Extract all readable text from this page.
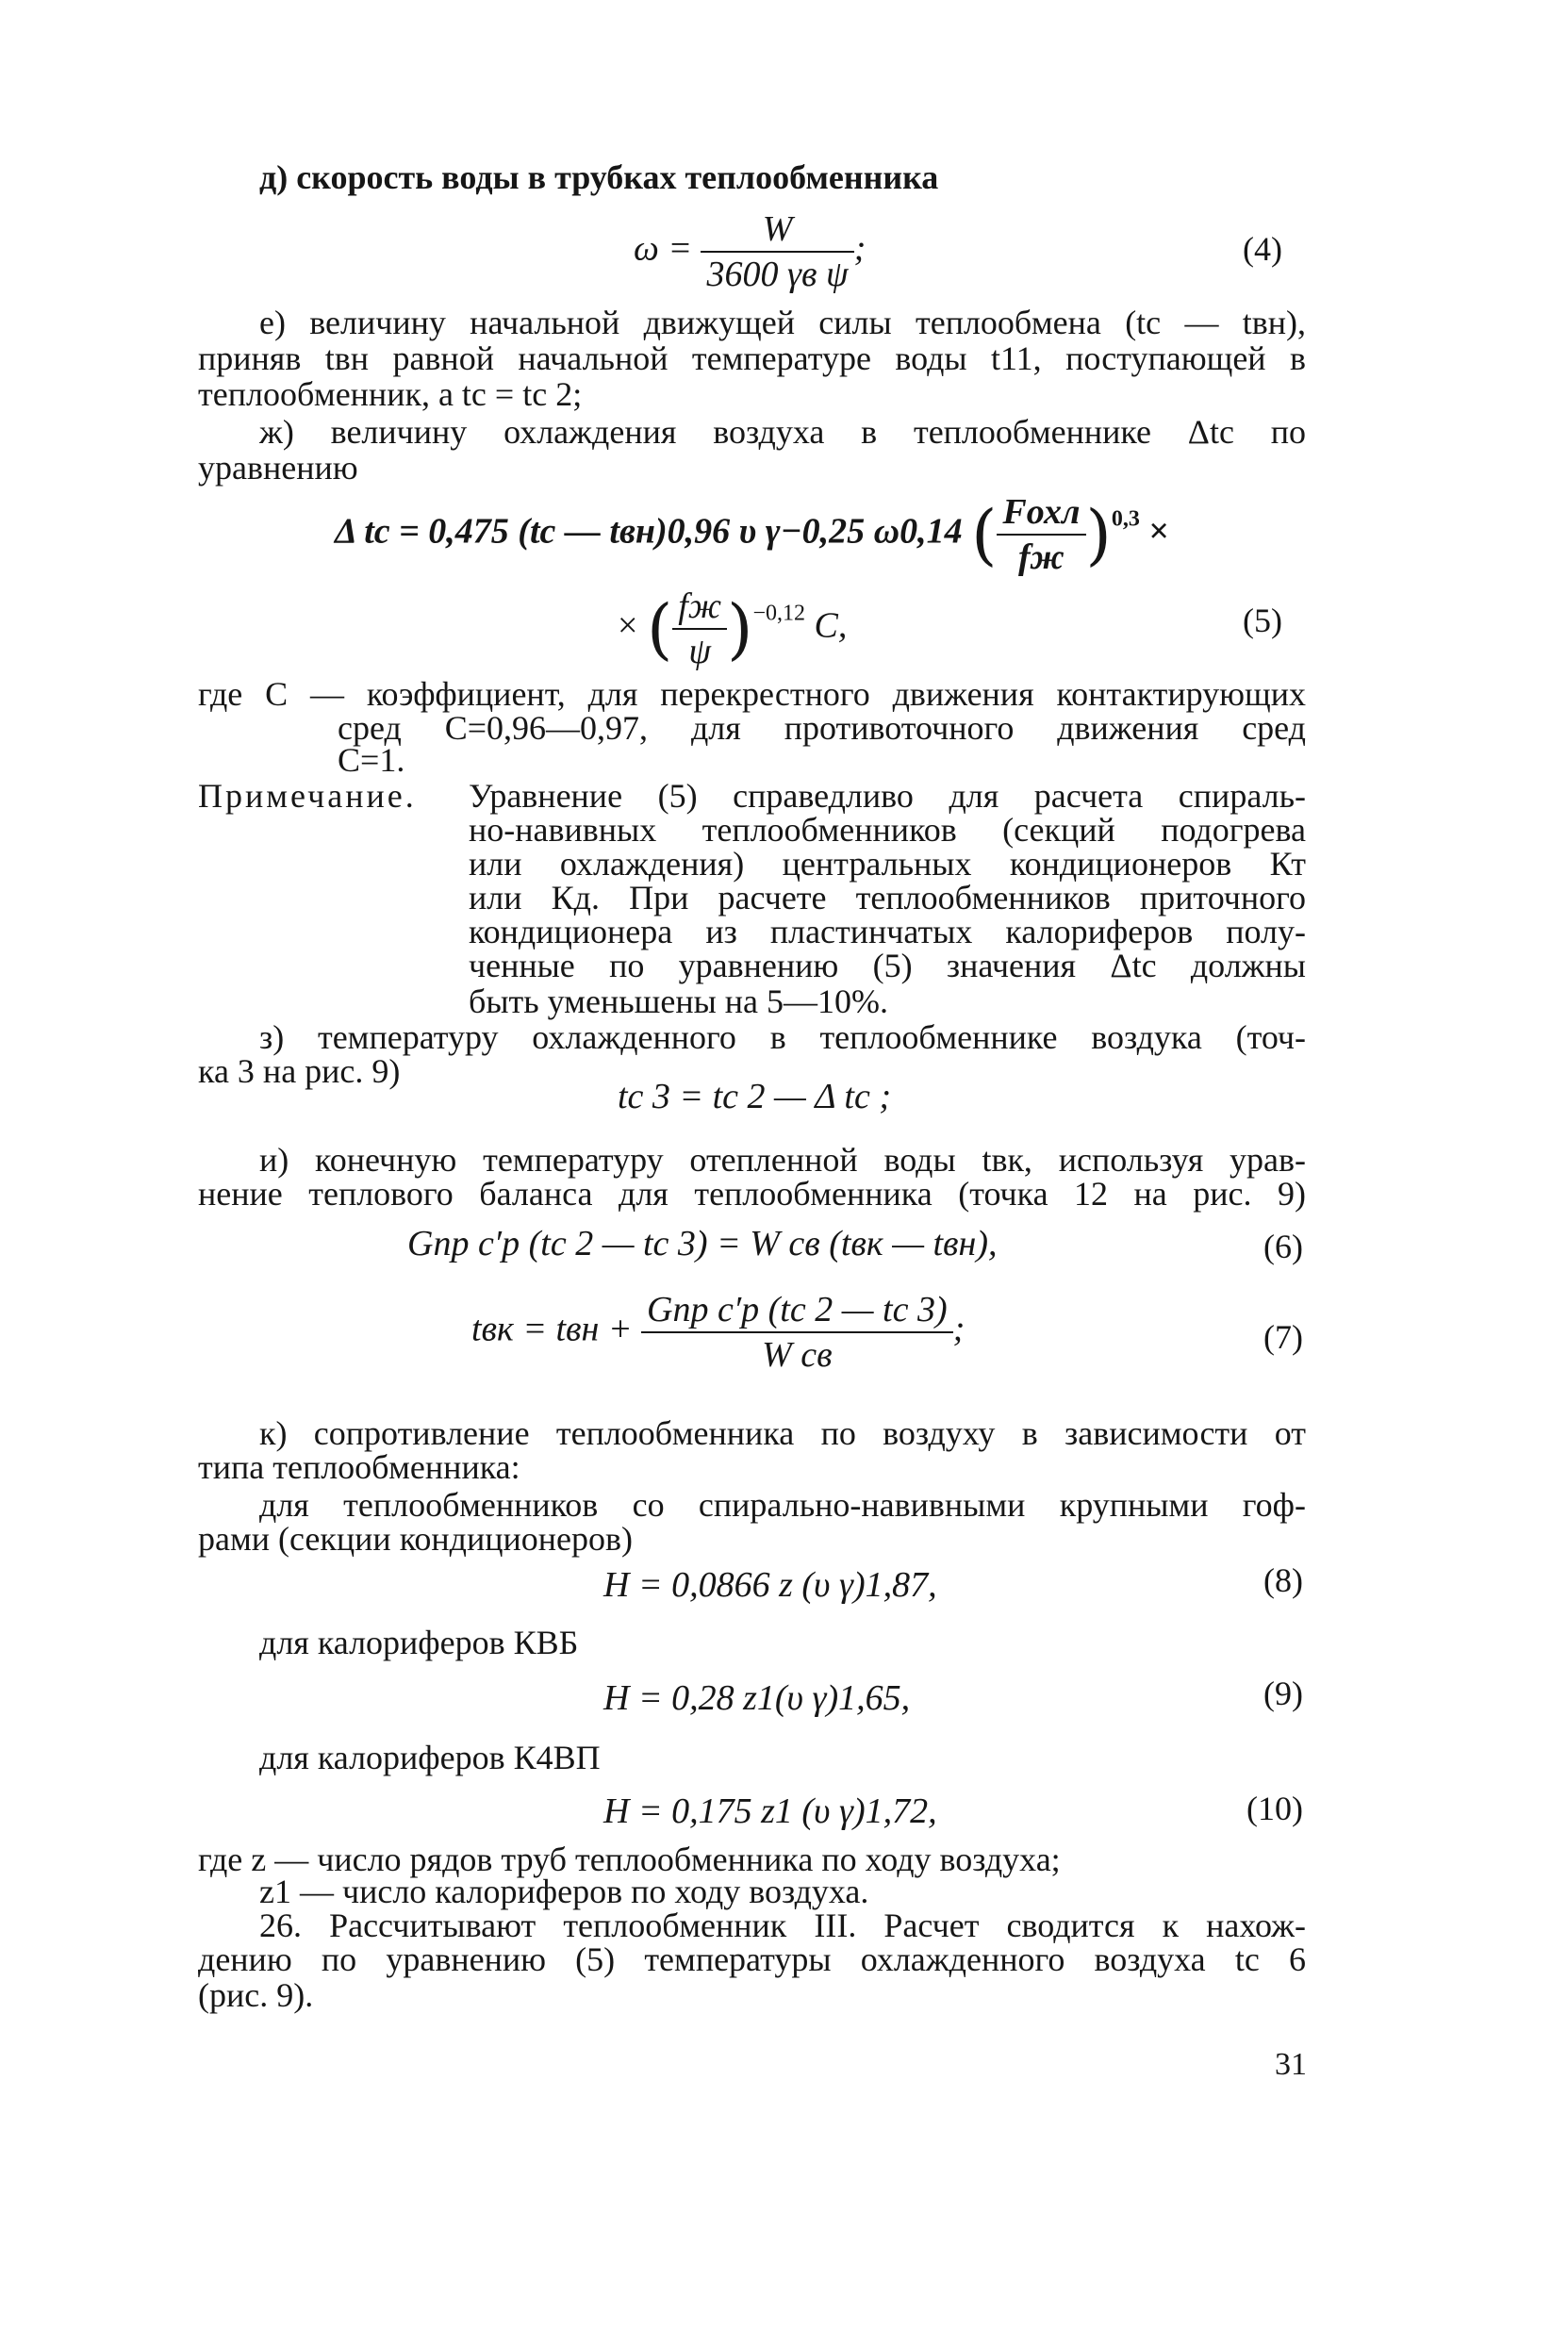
д) скорость воды в трубках теплообменника
$\omega = \frac{W}{\text{3600 γв ψ}}$ ;	(4)
е) величину начальной движущей силы теплообмена (tс — tвн),
приняв tвн равной начальной температуре воды t11, поступающей в
теплообменник, а tс = tс 2;
ж) величину охлаждения воздуха в теплообменнике Δtс по
уравнению
Δ tс = 0,475 (tс — tвн)0,96 υ γ−0,25 ω0,14 ( $\frac{\text{Fохл}}{fж} )^{0,3}$ ×
× ( $\frac{fж}{\psi} )^{-0,12}$ C,	(5)
где C — коэффициент, для перекрестного движения контактирующих
сред C=0,96—0,97, для противоточного движения сред
C=1.
Примечание. Уравнение (5) справедливо для расчета спираль-
но-навивных теплообменников (секций подогрева
или охлаждения) центральных кондиционеров Кт
или Кд. При расчете теплообменников приточного
кондиционера из пластинчатых калориферов полу-
ченные по уравнению (5) значения Δtс должны
быть уменьшены на 5—10%.
з) температуру охлажденного в теплообменнике воздука (точ-
ка 3 на рис. 9)
tс 3 = tс 2 — Δ tс ;
и) конечную температуру отепленной воды tвк, используя урав-
нение теплового баланса для теплообменника (точка 12 на рис. 9)
Gпр c′p (tс 2 — tс 3) = W cв (tвк — tвн),	(6)
tвк = tвн + $\frac{\text{Gпр c′p (tс 2 — tс 3)}}{\text{W cв}}$ ;	(7)
к) сопротивление теплообменника по воздуху в зависимости от
типа теплообменника:
для теплообменников со спирально-навивными крупными гоф-
рами (секции кондиционеров)
H = 0,0866 z (υ γ)1,87,	(8)
для калориферов КВБ
H = 0,28 z1(υ γ)1,65,	(9)
для калориферов К4ВП
H = 0,175 z1 (υ γ)1,72,	(10)
где z — число рядов труб теплообменника по ходу воздуха;
z1 — число калориферов по ходу воздуха.
26. Рассчитывают теплообменник III. Расчет сводится к нахож-
дению по уравнению (5) температуры охлажденного воздуха tс 6
(рис. 9).
31
